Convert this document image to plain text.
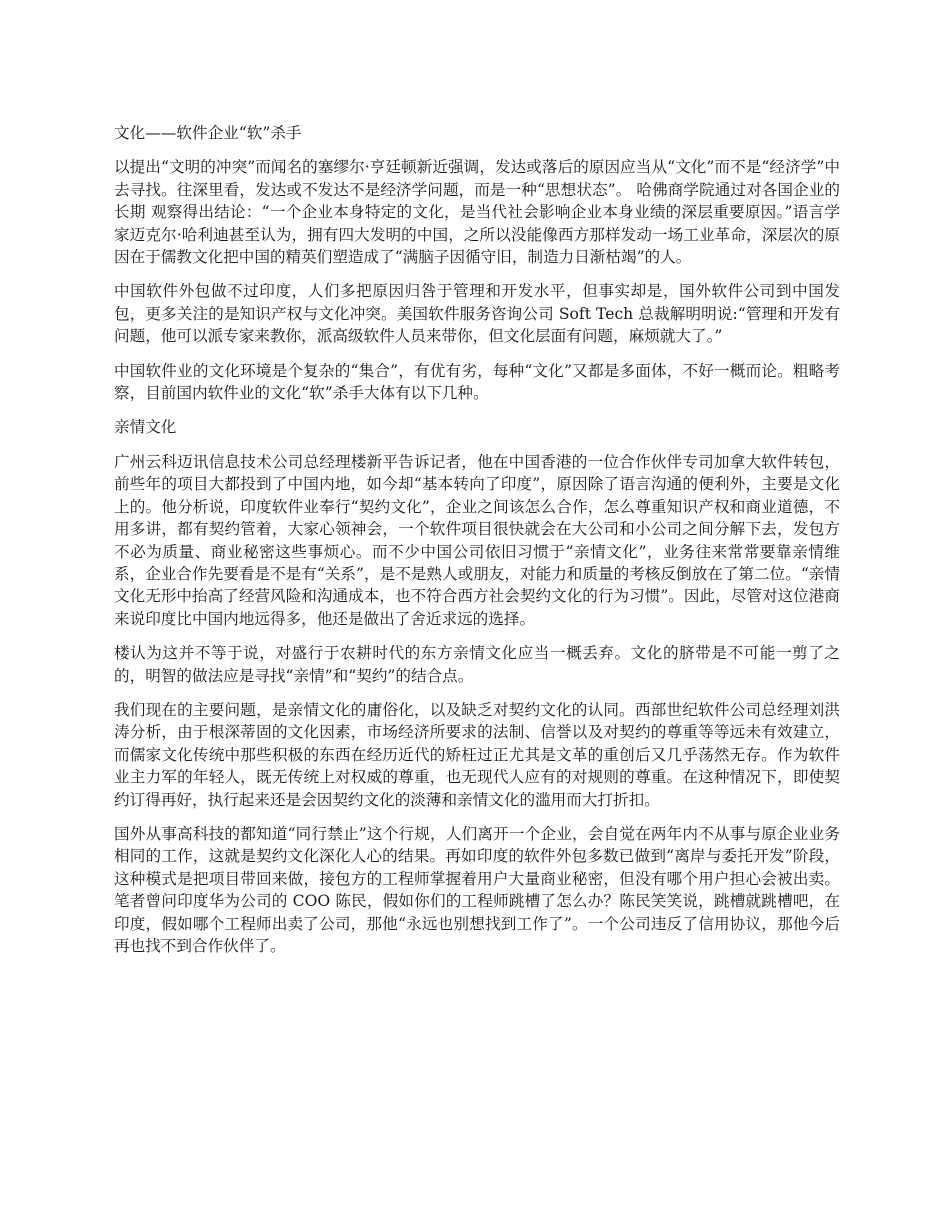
文化——软件企业“软”杀手

以提出“文明的冲突”而闻名的塞缪尔·亨廷顿新近强调，发达或落后的原因应当从“文化”而不是“经济学”中去寻找。往深里看，发达或不发达不是经济学问题，而是一种“思想状态”。 哈佛商学院通过对各国企业的长期 观察得出结论：“一个企业本身特定的文化，是当代社会影响企业本身业绩的深层重要原因。”语言学家迈克尔·哈利迪甚至认为，拥有四大发明的中国，之所以没能像西方那样发动一场工业革命，深层次的原因在于儒教文化把中国的精英们塑造成了“满脑子因循守旧，制造力日渐枯竭”的人。

中国软件外包做不过印度，人们多把原因归咎于管理和开发水平，但事实却是，国外软件公司到中国发包，更多关注的是知识产权与文化冲突。美国软件服务咨询公司 Soft Tech 总裁解明明说:“管理和开发有问题，他可以派专家来教你，派高级软件人员来带你，但文化层面有问题，麻烦就大了。”

中国软件业的文化环境是个复杂的“集合”，有优有劣，每种“文化”又都是多面体，不好一概而论。粗略考察，目前国内软件业的文化“软”杀手大体有以下几种。

亲情文化

广州云科迈讯信息技术公司总经理楼新平告诉记者，他在中国香港的一位合作伙伴专司加拿大软件转包，前些年的项目大都投到了中国内地，如今却“基本转向了印度”，原因除了语言沟通的便利外，主要是文化上的。他分析说，印度软件业奉行“契约文化”，企业之间该怎么合作，怎么尊重知识产权和商业道德，不用多讲，都有契约管着，大家心领神会，一个软件项目很快就会在大公司和小公司之间分解下去，发包方不必为质量、商业秘密这些事烦心。而不少中国公司依旧习惯于“亲情文化”，业务往来常常要靠亲情维系，企业合作先要看是不是有“关系”，是不是熟人或朋友，对能力和质量的考核反倒放在了第二位。“亲情文化无形中抬高了经营风险和沟通成本，也不符合西方社会契约文化的行为习惯”。因此，尽管对这位港商来说印度比中国内地远得多，他还是做出了舍近求远的选择。

楼认为这并不等于说，对盛行于农耕时代的东方亲情文化应当一概丢弃。文化的脐带是不可能一剪了之的，明智的做法应是寻找“亲情”和“契约”的结合点。

我们现在的主要问题，是亲情文化的庸俗化，以及缺乏对契约文化的认同。西部世纪软件公司总经理刘洪涛分析，由于根深蒂固的文化因素，市场经济所要求的法制、信誉以及对契约的尊重等等远未有效建立，而儒家文化传统中那些积极的东西在经历近代的矫枉过正尤其是文革的重创后又几乎荡然无存。作为软件业主力军的年轻人，既无传统上对权威的尊重，也无现代人应有的对规则的尊重。在这种情况下，即使契约订得再好，执行起来还是会因契约文化的淡薄和亲情文化的滥用而大打折扣。

国外从事高科技的都知道“同行禁止”这个行规，人们离开一个企业，会自觉在两年内不从事与原企业业务相同的工作，这就是契约文化深化人心的结果。再如印度的软件外包多数已做到“离岸与委托开发”阶段，这种模式是把项目带回来做，接包方的工程师掌握着用户大量商业秘密，但没有哪个用户担心会被出卖。笔者曾问印度华为公司的 COO 陈民，假如你们的工程师跳槽了怎么办？陈民笑笑说，跳槽就跳槽吧，在印度，假如哪个工程师出卖了公司，那他“永远也别想找到工作了”。一个公司违反了信用协议，那他今后再也找不到合作伙伴了。
